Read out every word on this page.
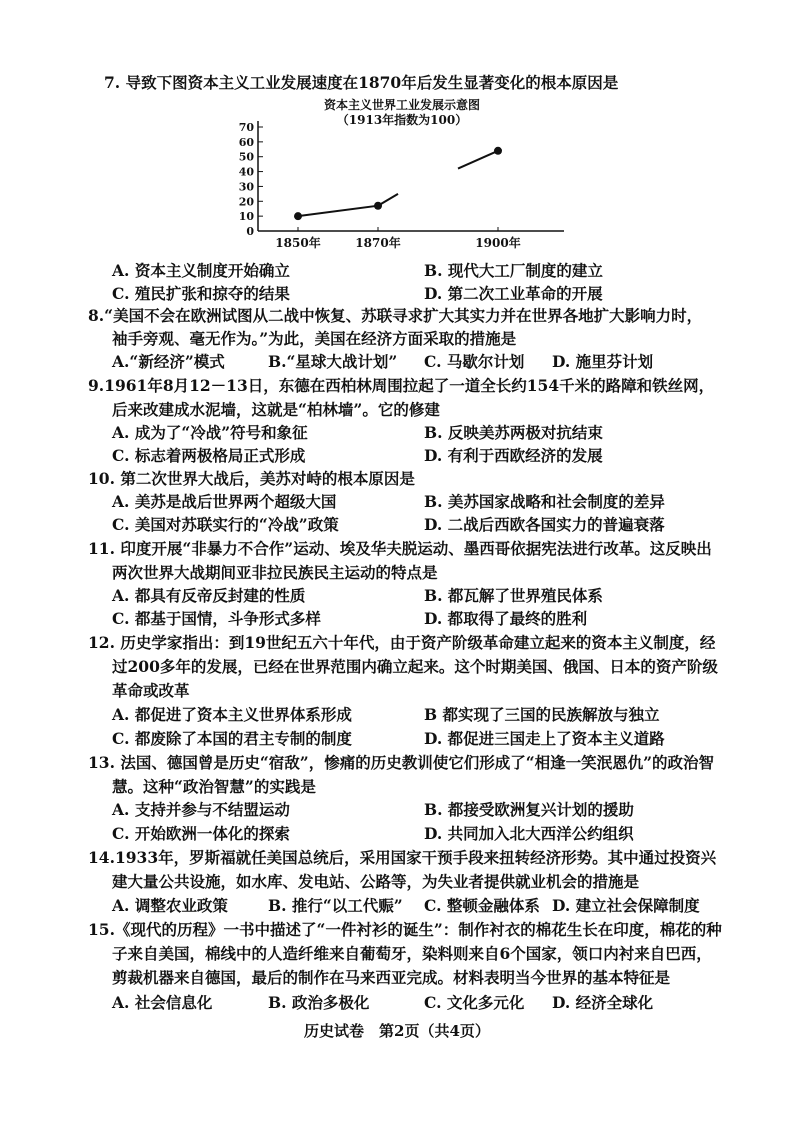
7. 导致下图资本主义工业发展速度在1870年后发生显著变化的根本原因是
资本主义世界工业发展示意图
（1913年指数为100）
0
10
20
30
40
50
60
70
1850年	1870年	1900年
A. 资本主义制度开始确立	B. 现代大工厂制度的建立
C. 殖民扩张和掠夺的结果	D. 第二次工业革命的开展
8.“美国不会在欧洲试图从二战中恢复、苏联寻求扩大其实力并在世界各地扩大影响力时，
袖手旁观、毫无作为。”为此，美国在经济方面采取的措施是
A.“新经济”模式	B.“星球大战计划” C. 马歇尔计划 D. 施里芬计划
9.1961年8月12－13日，东德在西柏林周围拉起了一道全长约154千米的路障和铁丝网，
后来改建成水泥墙，这就是“柏林墙”。它的修建
A. 成为了“冷战”符号和象征	B. 反映美苏两极对抗结束
C. 标志着两极格局正式形成	D. 有利于西欧经济的发展
10. 第二次世界大战后，美苏对峙的根本原因是
A. 美苏是战后世界两个超级大国	B. 美苏国家战略和社会制度的差异
C. 美国对苏联实行的“冷战”政策	D. 二战后西欧各国实力的普遍衰落
11. 印度开展“非暴力不合作”运动、埃及华夫脱运动、墨西哥依据宪法进行改革。这反映出
两次世界大战期间亚非拉民族民主运动的特点是
A. 都具有反帝反封建的性质	B. 都瓦解了世界殖民体系
C. 都基于国情，斗争形式多样	D. 都取得了最终的胜利
12. 历史学家指出：到19世纪五六十年代，由于资产阶级革命建立起来的资本主义制度，经
过200多年的发展，已经在世界范围内确立起来。这个时期美国、俄国、日本的资产阶级
革命或改革
A. 都促进了资本主义世界体系形成	B 都实现了三国的民族解放与独立
C. 都废除了本国的君主专制的制度	D. 都促进三国走上了资本主义道路
13. 法国、德国曾是历史“宿敌”，惨痛的历史教训使它们形成了“相逢一笑泯恩仇”的政治智
慧。这种“政治智慧”的实践是
A. 支持并参与不结盟运动	B. 都接受欧洲复兴计划的援助
C. 开始欧洲一体化的探索	D. 共同加入北大西洋公约组织
14.1933年，罗斯福就任美国总统后，采用国家干预手段来扭转经济形势。其中通过投资兴
建大量公共设施，如水库、发电站、公路等，为失业者提供就业机会的措施是
A. 调整农业政策	B. 推行“以工代赈” C. 整顿金融体系 D. 建立社会保障制度
15.《现代的历程》一书中描述了“一件衬衫的诞生”：制作衬衣的棉花生长在印度，棉花的种
子来自美国，棉线中的人造纤维来自葡萄牙，染料则来自6个国家，领口内衬来自巴西，
剪裁机器来自德国，最后的制作在马来西亚完成。材料表明当今世界的基本特征是
A. 社会信息化	B. 政治多极化	C. 文化多元化 D. 经济全球化
历史试卷　第2页（共4页）
